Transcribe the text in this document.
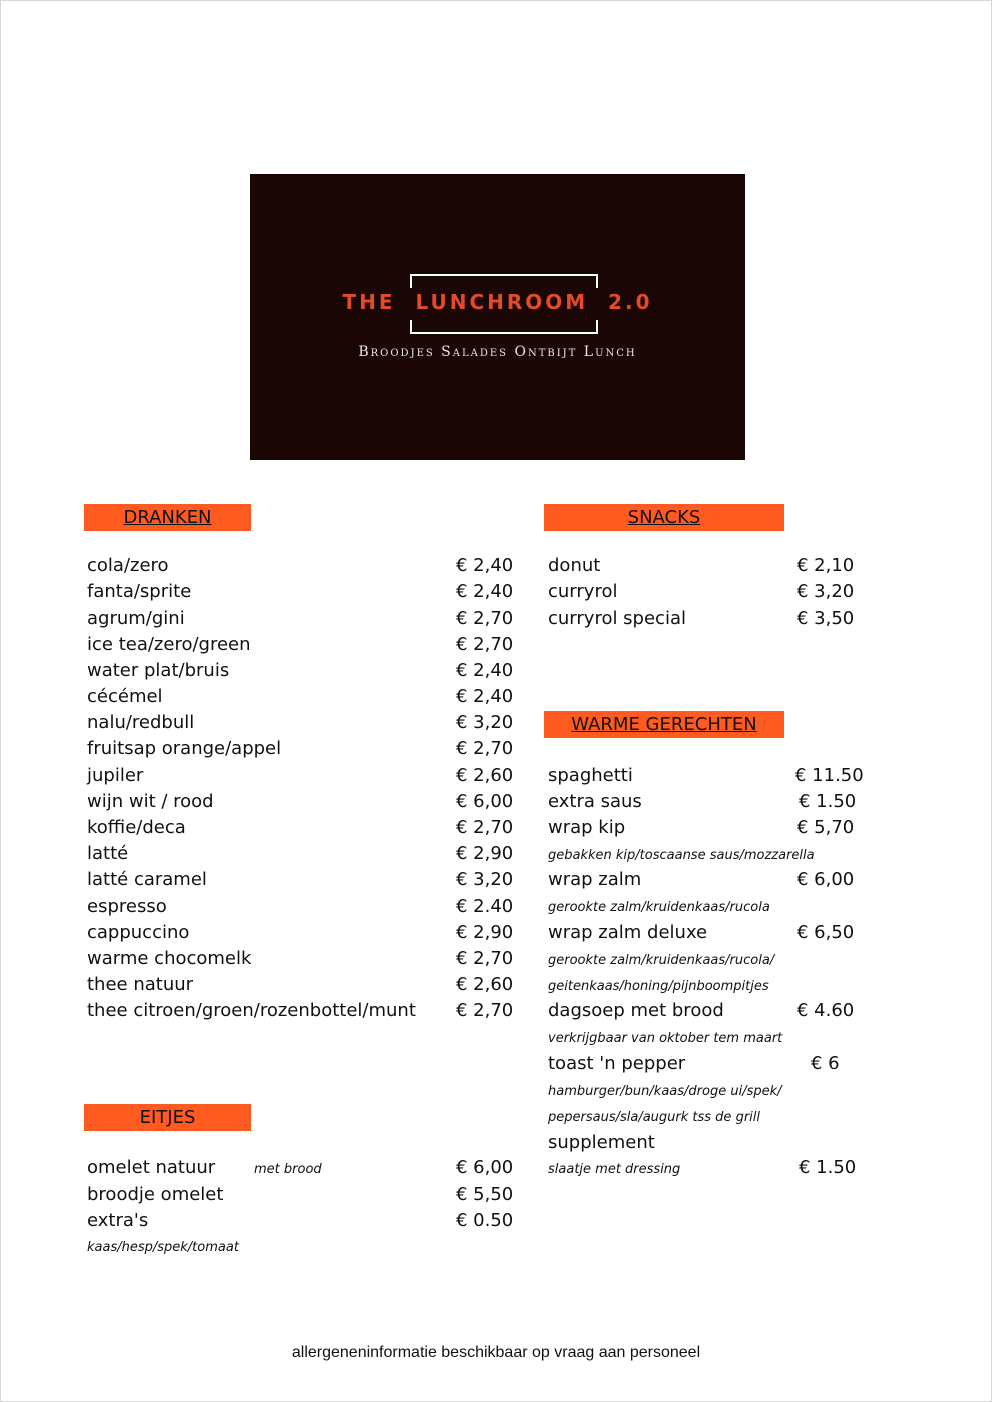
THE  LUNCHROOM  2.0
Broodjes Salades Ontbijt Lunch
DRANKEN
cola/zero	€ 2,40
fanta/sprite	€ 2,40
agrum/gini	€ 2,70
ice tea/zero/green	€ 2,70
water plat/bruis	€ 2,40
cécémel	€ 2,40
nalu/redbull	€ 3,20
fruitsap orange/appel	€ 2,70
jupiler	€ 2,60
wijn wit / rood	€ 6,00
koffie/deca	€ 2,70
latté	€ 2,90
latté caramel	€ 3,20
espresso	€ 2.40
cappuccino	€ 2,90
warme chocomelk	€ 2,70
thee natuur	€ 2,60
thee citroen/groen/rozenbottel/munt € 2,70
EITJES
omelet natuur	met brood	€ 6,00
broodje omelet	€ 5,50
extra's	€ 0.50
kaas/hesp/spek/tomaat
SNACKS
donut	€ 2,10
curryrol	€ 3,20
curryrol special	€ 3,50
WARME GERECHTEN
spaghetti	€ 11.50
extra saus	€ 1.50
wrap kip	€ 5,70
gebakken kip/toscaanse saus/mozzarella
wrap zalm	€ 6,00
gerookte zalm/kruidenkaas/rucola
wrap zalm deluxe	€ 6,50
gerookte zalm/kruidenkaas/rucola/
geitenkaas/honing/pijnboompitjes
dagsoep met brood	€ 4.60
verkrijgbaar van oktober tem maart
toast 'n pepper	€ 6
hamburger/bun/kaas/droge ui/spek/
pepersaus/sla/augurk tss de grill
supplement
slaatje met dressing	€ 1.50
allergeneninformatie beschikbaar op vraag aan personeel
